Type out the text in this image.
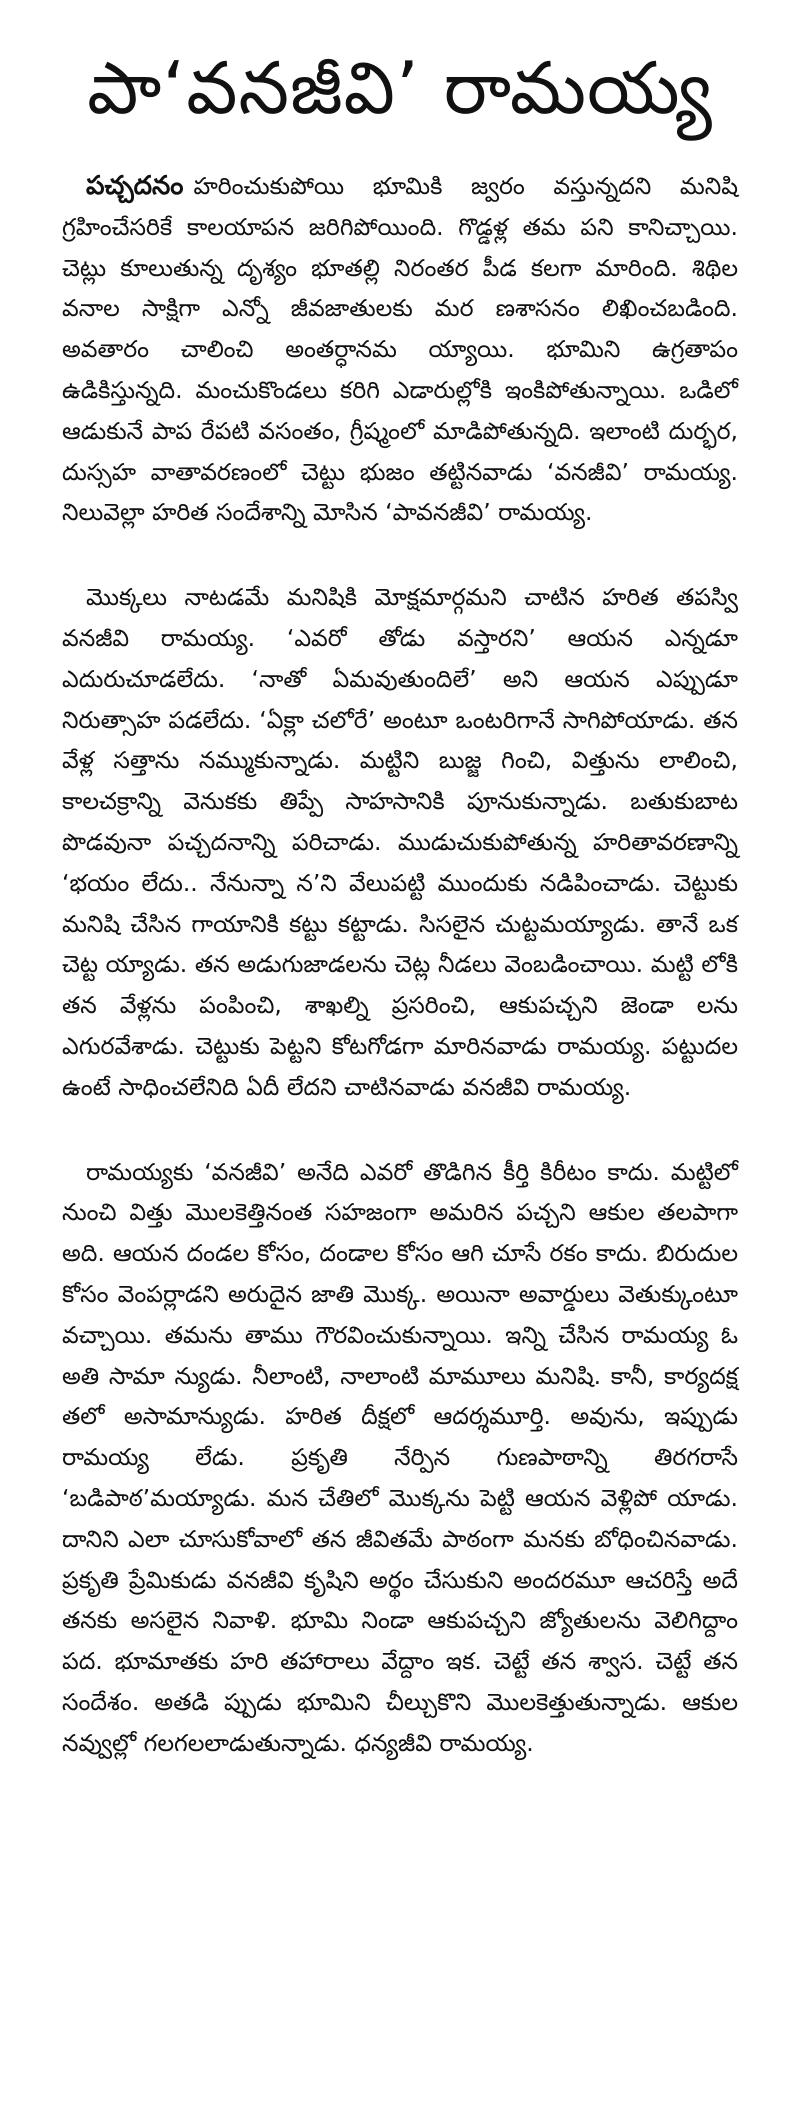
పా‘వనజీవి’ రామయ్య

పచ్చదనం హరించుకుపోయి భూమికి జ్వరం వస్తున్నదని మనిషి గ్రహించేసరికే కాలయాపన జరిగిపోయింది. గొడ్డళ్ల తమ పని కానిచ్చాయి. చెట్లు కూలుతున్న దృశ్యం భూతల్లి నిరంతర పీడ కలగా మారింది. శిథిల వనాల సాక్షిగా ఎన్నో జీవజాతులకు మర ణశాసనం లిఖించబడింది. అవతారం చాలించి అంతర్ధానమ య్యాయి. భూమిని ఉగ్రతాపం ఉడికిస్తున్నది. మంచుకొండలు కరిగి ఎడారుల్లోకి ఇంకిపోతున్నాయి. ఒడిలో ఆడుకునే పాప రేపటి వసంతం, గ్రీష్మంలో మాడిపోతున్నది. ఇలాంటి దుర్భర, దుస్సహ వాతావరణంలో చెట్టు భుజం తట్టినవాడు ‘వనజీవి’ రామయ్య. నిలువెల్లా హరిత సందేశాన్ని మోసిన ‘పావనజీవి’ రామయ్య.

మొక్కలు నాటడమే మనిషికి మోక్షమార్గమని చాటిన హరిత తపస్వి వనజీవి రామయ్య. ‘ఎవరో తోడు వస్తారని’ ఆయన ఎన్నడూ ఎదురుచూడలేదు. ‘నాతో ఏమవుతుందిలే’ అని ఆయన ఎప్పుడూ నిరుత్సాహ పడలేదు. ‘ఏక్లా చలోరే’ అంటూ ఒంటరిగానే సాగిపోయాడు. తన వేళ్ల సత్తాను నమ్ముకున్నాడు. మట్టిని బుజ్జ గించి, విత్తును లాలించి, కాలచక్రాన్ని వెనుకకు తిప్పే సాహసానికి పూనుకున్నాడు. బతుకుబాట పొడవునా పచ్చదనాన్ని పరిచాడు. ముడుచుకుపోతున్న హరితావరణాన్ని ‘భయం లేదు.. నేనున్నా న’ని వేలుపట్టి ముందుకు నడిపించాడు. చెట్టుకు మనిషి చేసిన గాయానికి కట్టు కట్టాడు. సిసలైన చుట్టమయ్యాడు. తానే ఒక చెట్ట య్యాడు. తన అడుగుజాడలను చెట్ల నీడలు వెంబడించాయి. మట్టి లోకి తన వేళ్లను పంపించి, శాఖల్ని ప్రసరించి, ఆకుపచ్చని జెండా లను ఎగురవేశాడు. చెట్టుకు పెట్టని కోటగోడగా మారినవాడు రామయ్య. పట్టుదల ఉంటే సాధించలేనిది ఏదీ లేదని చాటినవాడు వనజీవి రామయ్య.

రామయ్యకు ‘వనజీవి’ అనేది ఎవరో తొడిగిన కీర్తి కిరీటం కాదు. మట్టిలో నుంచి విత్తు మొలకెత్తినంత సహజంగా అమరిన పచ్చని ఆకుల తలపాగా అది. ఆయన దండల కోసం, దండాల కోసం ఆగి చూసే రకం కాదు. బిరుదుల కోసం వెంపర్లాడని అరుదైన జాతి మొక్క. అయినా అవార్డులు వెతుక్కుంటూ వచ్చాయి. తమను తాము గౌరవించుకున్నాయి. ఇన్ని చేసిన రామయ్య ఓ అతి సామా న్యుడు. నీలాంటి, నాలాంటి మామూలు మనిషి. కానీ, కార్యదక్ష తలో అసామాన్యుడు. హరిత దీక్షలో ఆదర్శమూర్తి. అవును, ఇప్పుడు రామయ్య లేడు. ప్రకృతి నేర్పిన గుణపాఠాన్ని తిరగరాసే ‘బడిపాఠ’మయ్యాడు. మన చేతిలో మొక్కను పెట్టి ఆయన వెళ్లిపో యాడు. దానిని ఎలా చూసుకోవాలో తన జీవితమే పాఠంగా మనకు బోధించినవాడు. ప్రకృతి ప్రేమికుడు వనజీవి కృషిని అర్థం చేసుకుని అందరమూ ఆచరిస్తే అదే తనకు అసలైన నివాళి. భూమి నిండా ఆకుపచ్చని జ్యోతులను వెలిగిద్దాం పద. భూమాతకు హరి తహారాలు వేద్దాం ఇక. చెట్టే తన శ్వాస. చెట్టే తన సందేశం. అతడి ప్పుడు భూమిని చీల్చుకొని మొలకెత్తుతున్నాడు. ఆకుల నవ్వుల్లో గలగలలాడుతున్నాడు. ధన్యజీవి రామయ్య.
